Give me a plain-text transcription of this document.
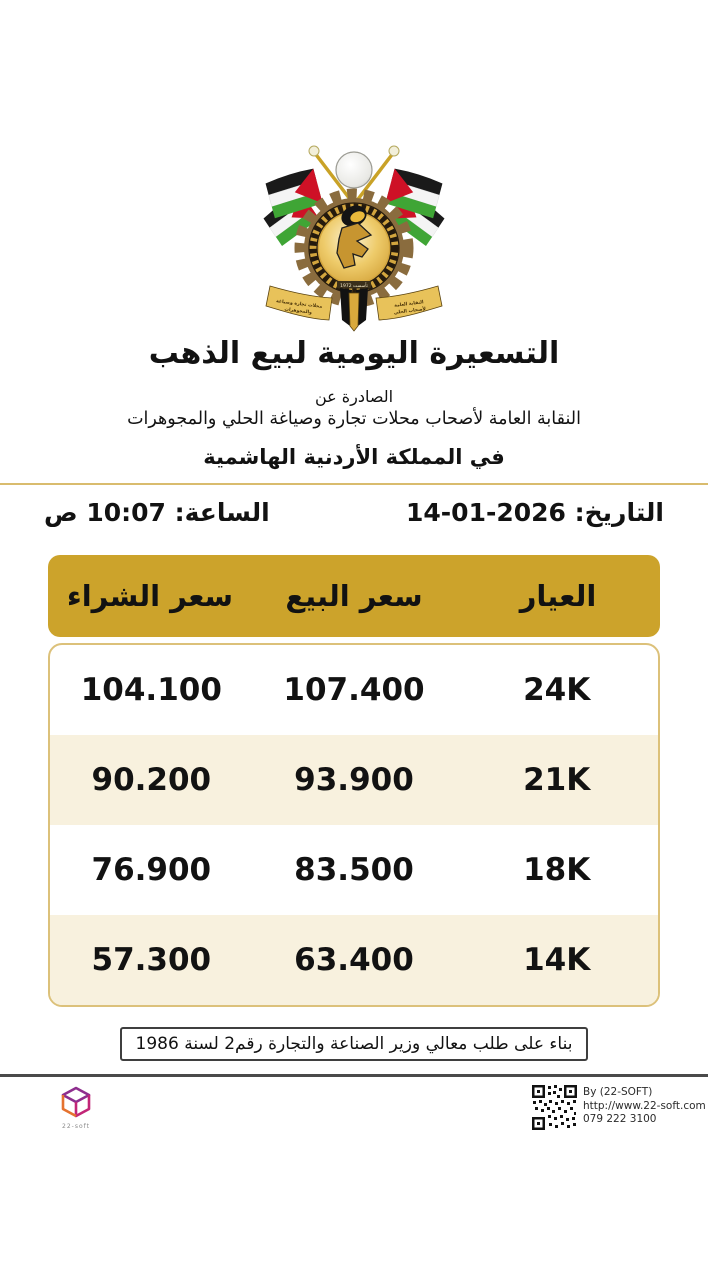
تأسست 1972
محلات تجارة وصياغة
والمجوهرات
النقابة العامة
لأصحاب الحلي
التسعيرة اليومية لبيع الذهب
الصادرة عن
النقابة العامة لأصحاب محلات تجارة وصياغة الحلي والمجوهرات
في المملكة الأردنية الهاشمية
التاريخ: 14-01-2026
الساعة: 10:07 ص
العيار
سعر البيع
سعر الشراء
24K
107.400
104.100
21K
93.900
90.200
18K
83.500
76.900
14K
63.400
57.300
بناء على طلب معالي وزير الصناعة والتجارة رقم2 لسنة 1986
22-soft
By (22-SOFT)
http://www.22-soft.com
079 222 3100
